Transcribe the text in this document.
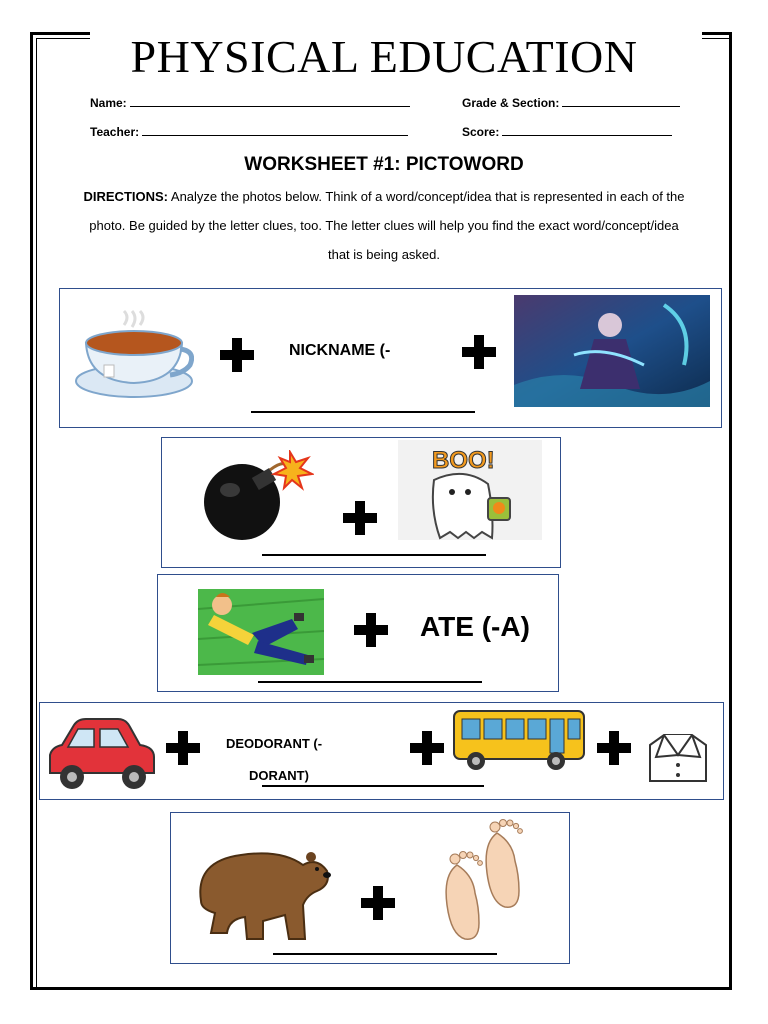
PHYSICAL EDUCATION
Name:	Grade & Section:
Teacher:	Score:
WORKSHEET #1: PICTOWORD
DIRECTIONS: Analyze the photos below. Think of a word/concept/idea that is represented in each of the photo. Be guided by the letter clues, too. The letter clues will help you find the exact word/concept/idea that is being asked.
NICKNAME (-
BOO!
ATE (-A)
DEODORANT (-
DORANT)
